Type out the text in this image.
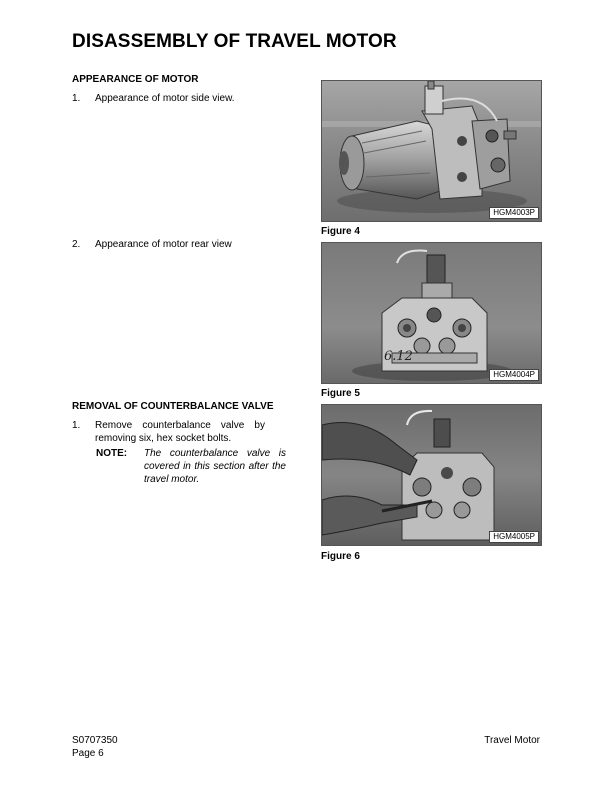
DISASSEMBLY OF TRAVEL MOTOR
APPEARANCE OF MOTOR
1. Appearance of motor side view.
2. Appearance of motor rear view
REMOVAL OF COUNTERBALANCE VALVE
1. Remove counterbalance valve by
removing six, hex socket bolts.
NOTE: The counterbalance valve is covered in this section after the travel motor.
HGM4003P
Figure 4
6.12
HGM4004P
Figure 5
HGM4005P
Figure 6
S0707350
Page 6
Travel Motor
